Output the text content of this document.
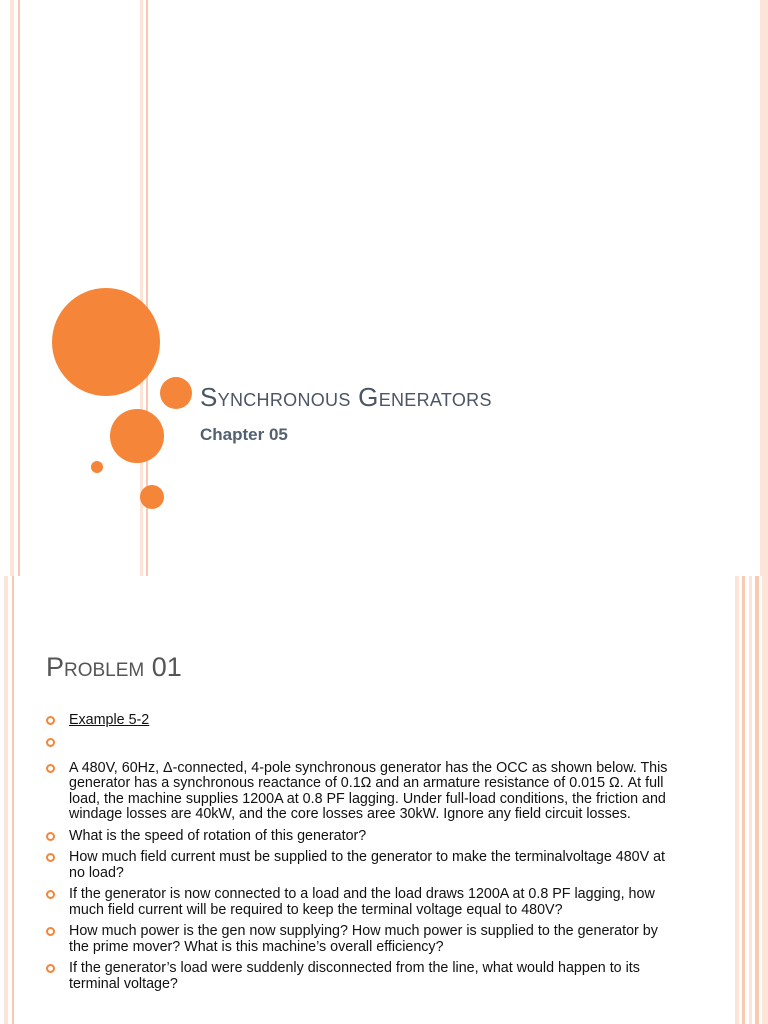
Synchronous Generators
Chapter 05
Problem 01
Example 5-2
A 480V, 60Hz, Δ-connected, 4-pole synchronous generator has the OCC as shown below. This generator has a synchronous reactance of 0.1Ω and an armature resistance of 0.015 Ω. At full load, the machine supplies 1200A at 0.8 PF lagging. Under full-load conditions, the friction and windage losses are 40kW, and the core losses aree 30kW. Ignore any field circuit losses.
What is the speed of rotation of this generator?
How much field current must be supplied to the generator to make the terminalvoltage 480V at no load?
If the generator is now connected to a load and the load draws 1200A at 0.8 PF lagging, how much field current will be required to keep the terminal voltage equal to 480V?
How much power is the gen now supplying? How much power is supplied to the generator by the prime mover? What is this machine’s overall efficiency?
If the generator’s load were suddenly disconnected from the line, what would happen to its terminal voltage?
